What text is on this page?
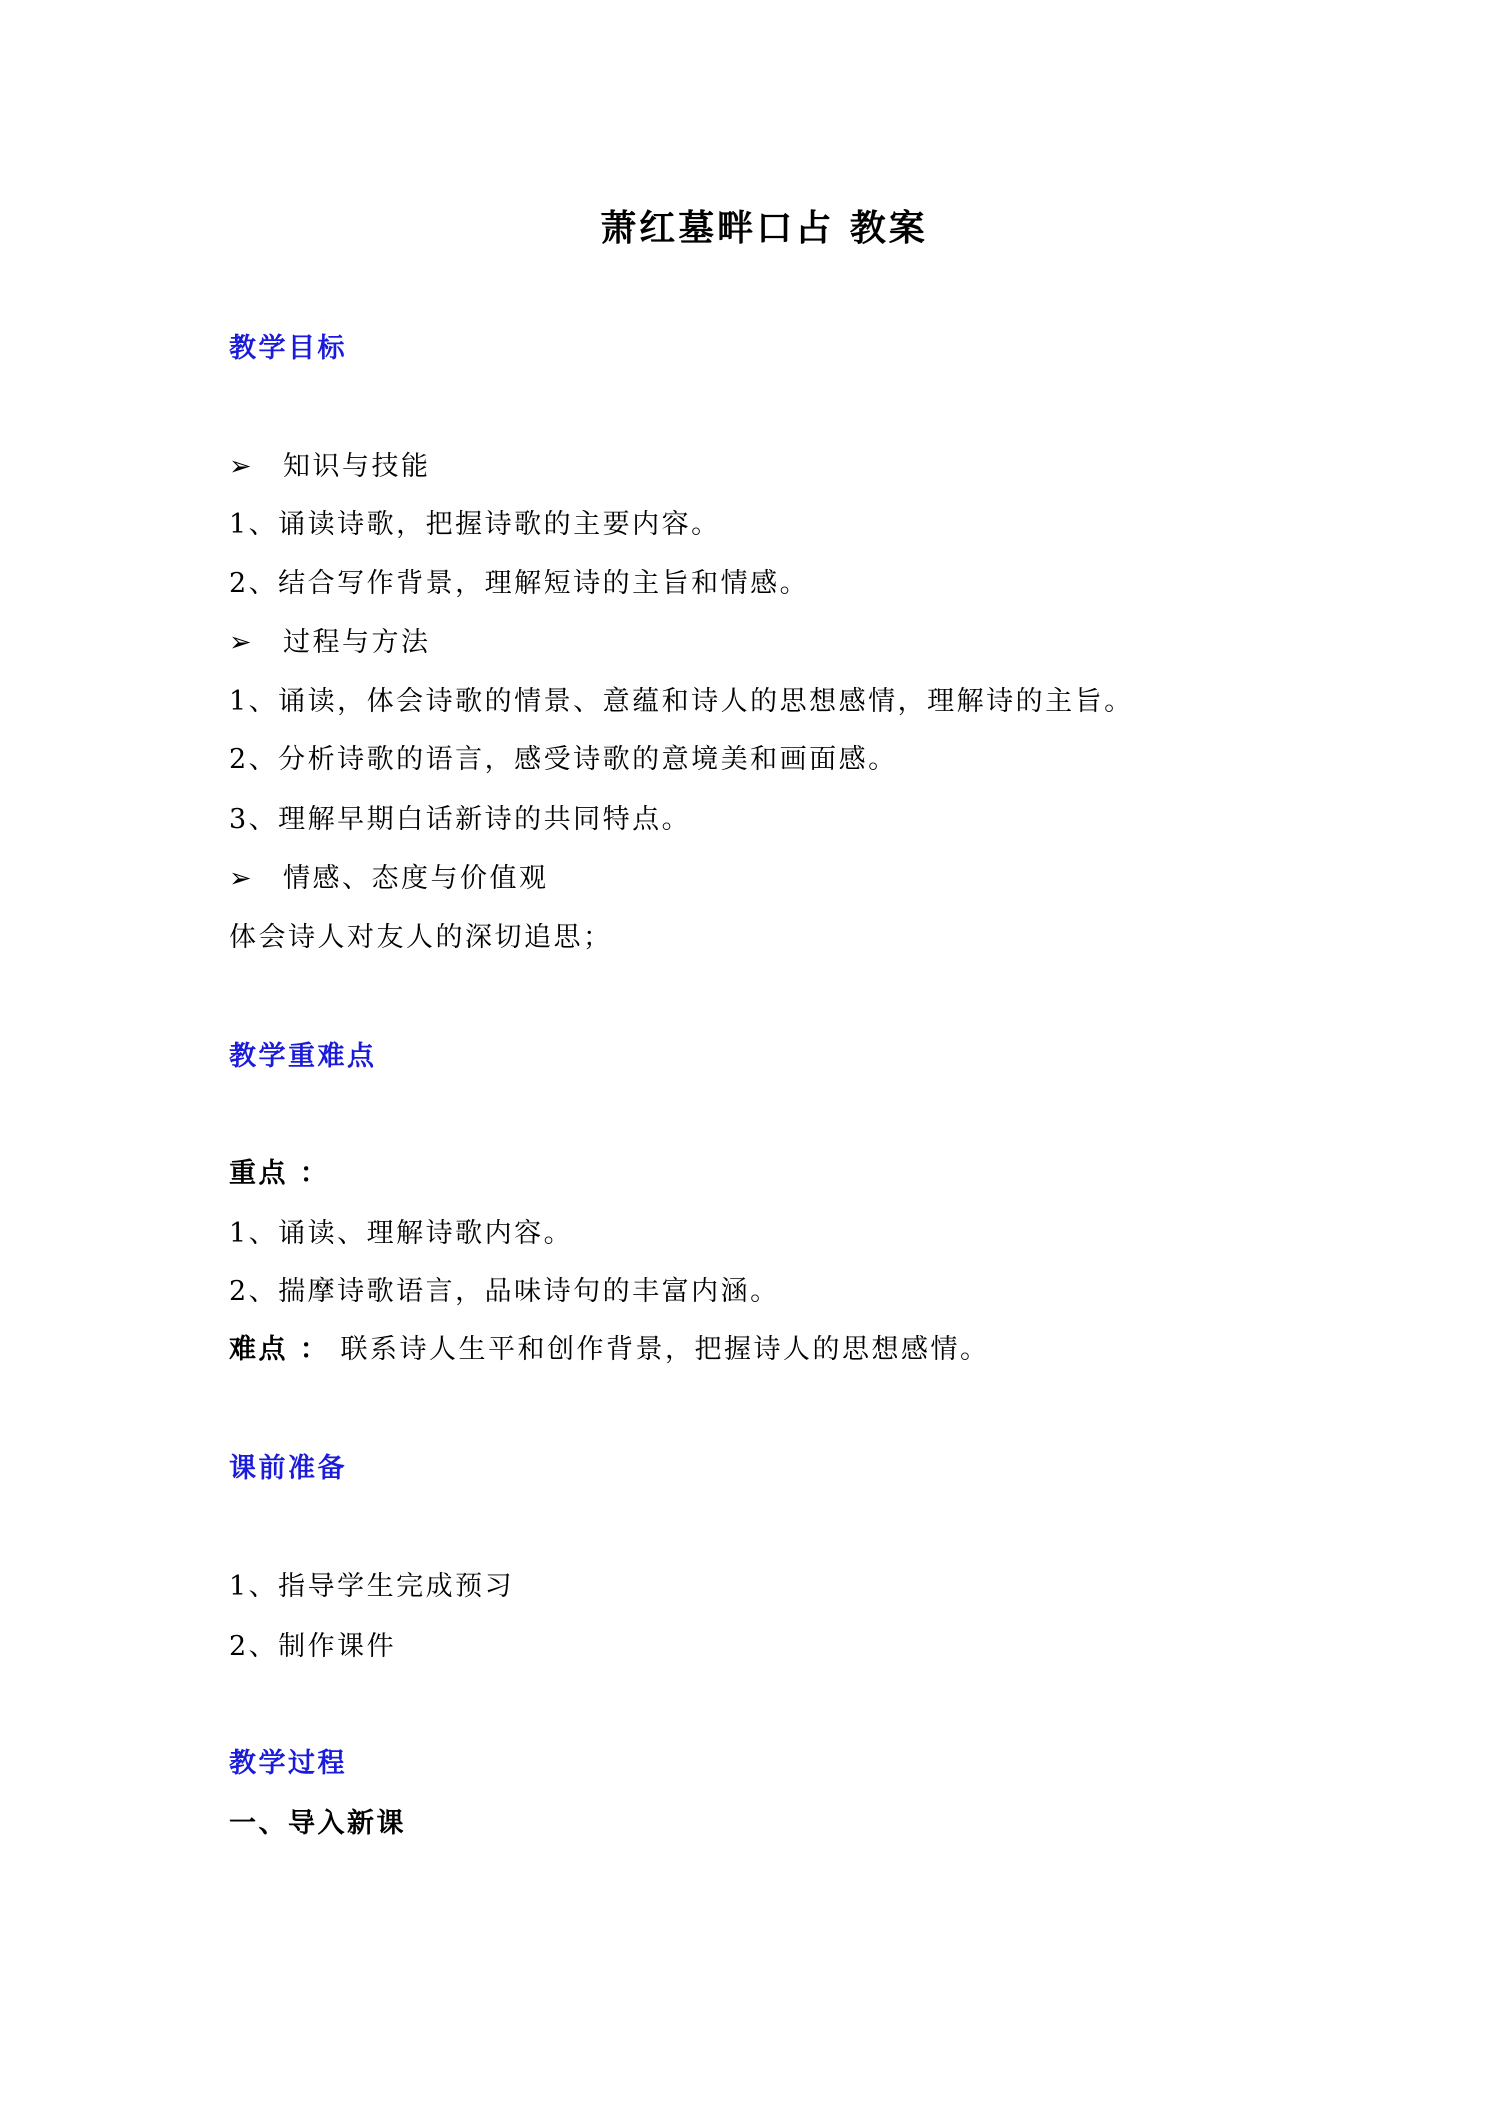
萧红墓畔口占 教案
教学目标
➢ 知识与技能
1、诵读诗歌，把握诗歌的主要内容。
2、结合写作背景，理解短诗的主旨和情感。
➢ 过程与方法
1、诵读，体会诗歌的情景、意蕴和诗人的思想感情，理解诗的主旨。
2、分析诗歌的语言，感受诗歌的意境美和画面感。
3、理解早期白话新诗的共同特点。
➢ 情感、态度与价值观
体会诗人对友人的深切追思；
教学重难点
重点 ：
1、诵读、理解诗歌内容。
2、揣摩诗歌语言，品味诗句的丰富内涵。
难点 ： 联系诗人生平和创作背景，把握诗人的思想感情。
课前准备
1、指导学生完成预习
2、制作课件
教学过程
一、导入新课
